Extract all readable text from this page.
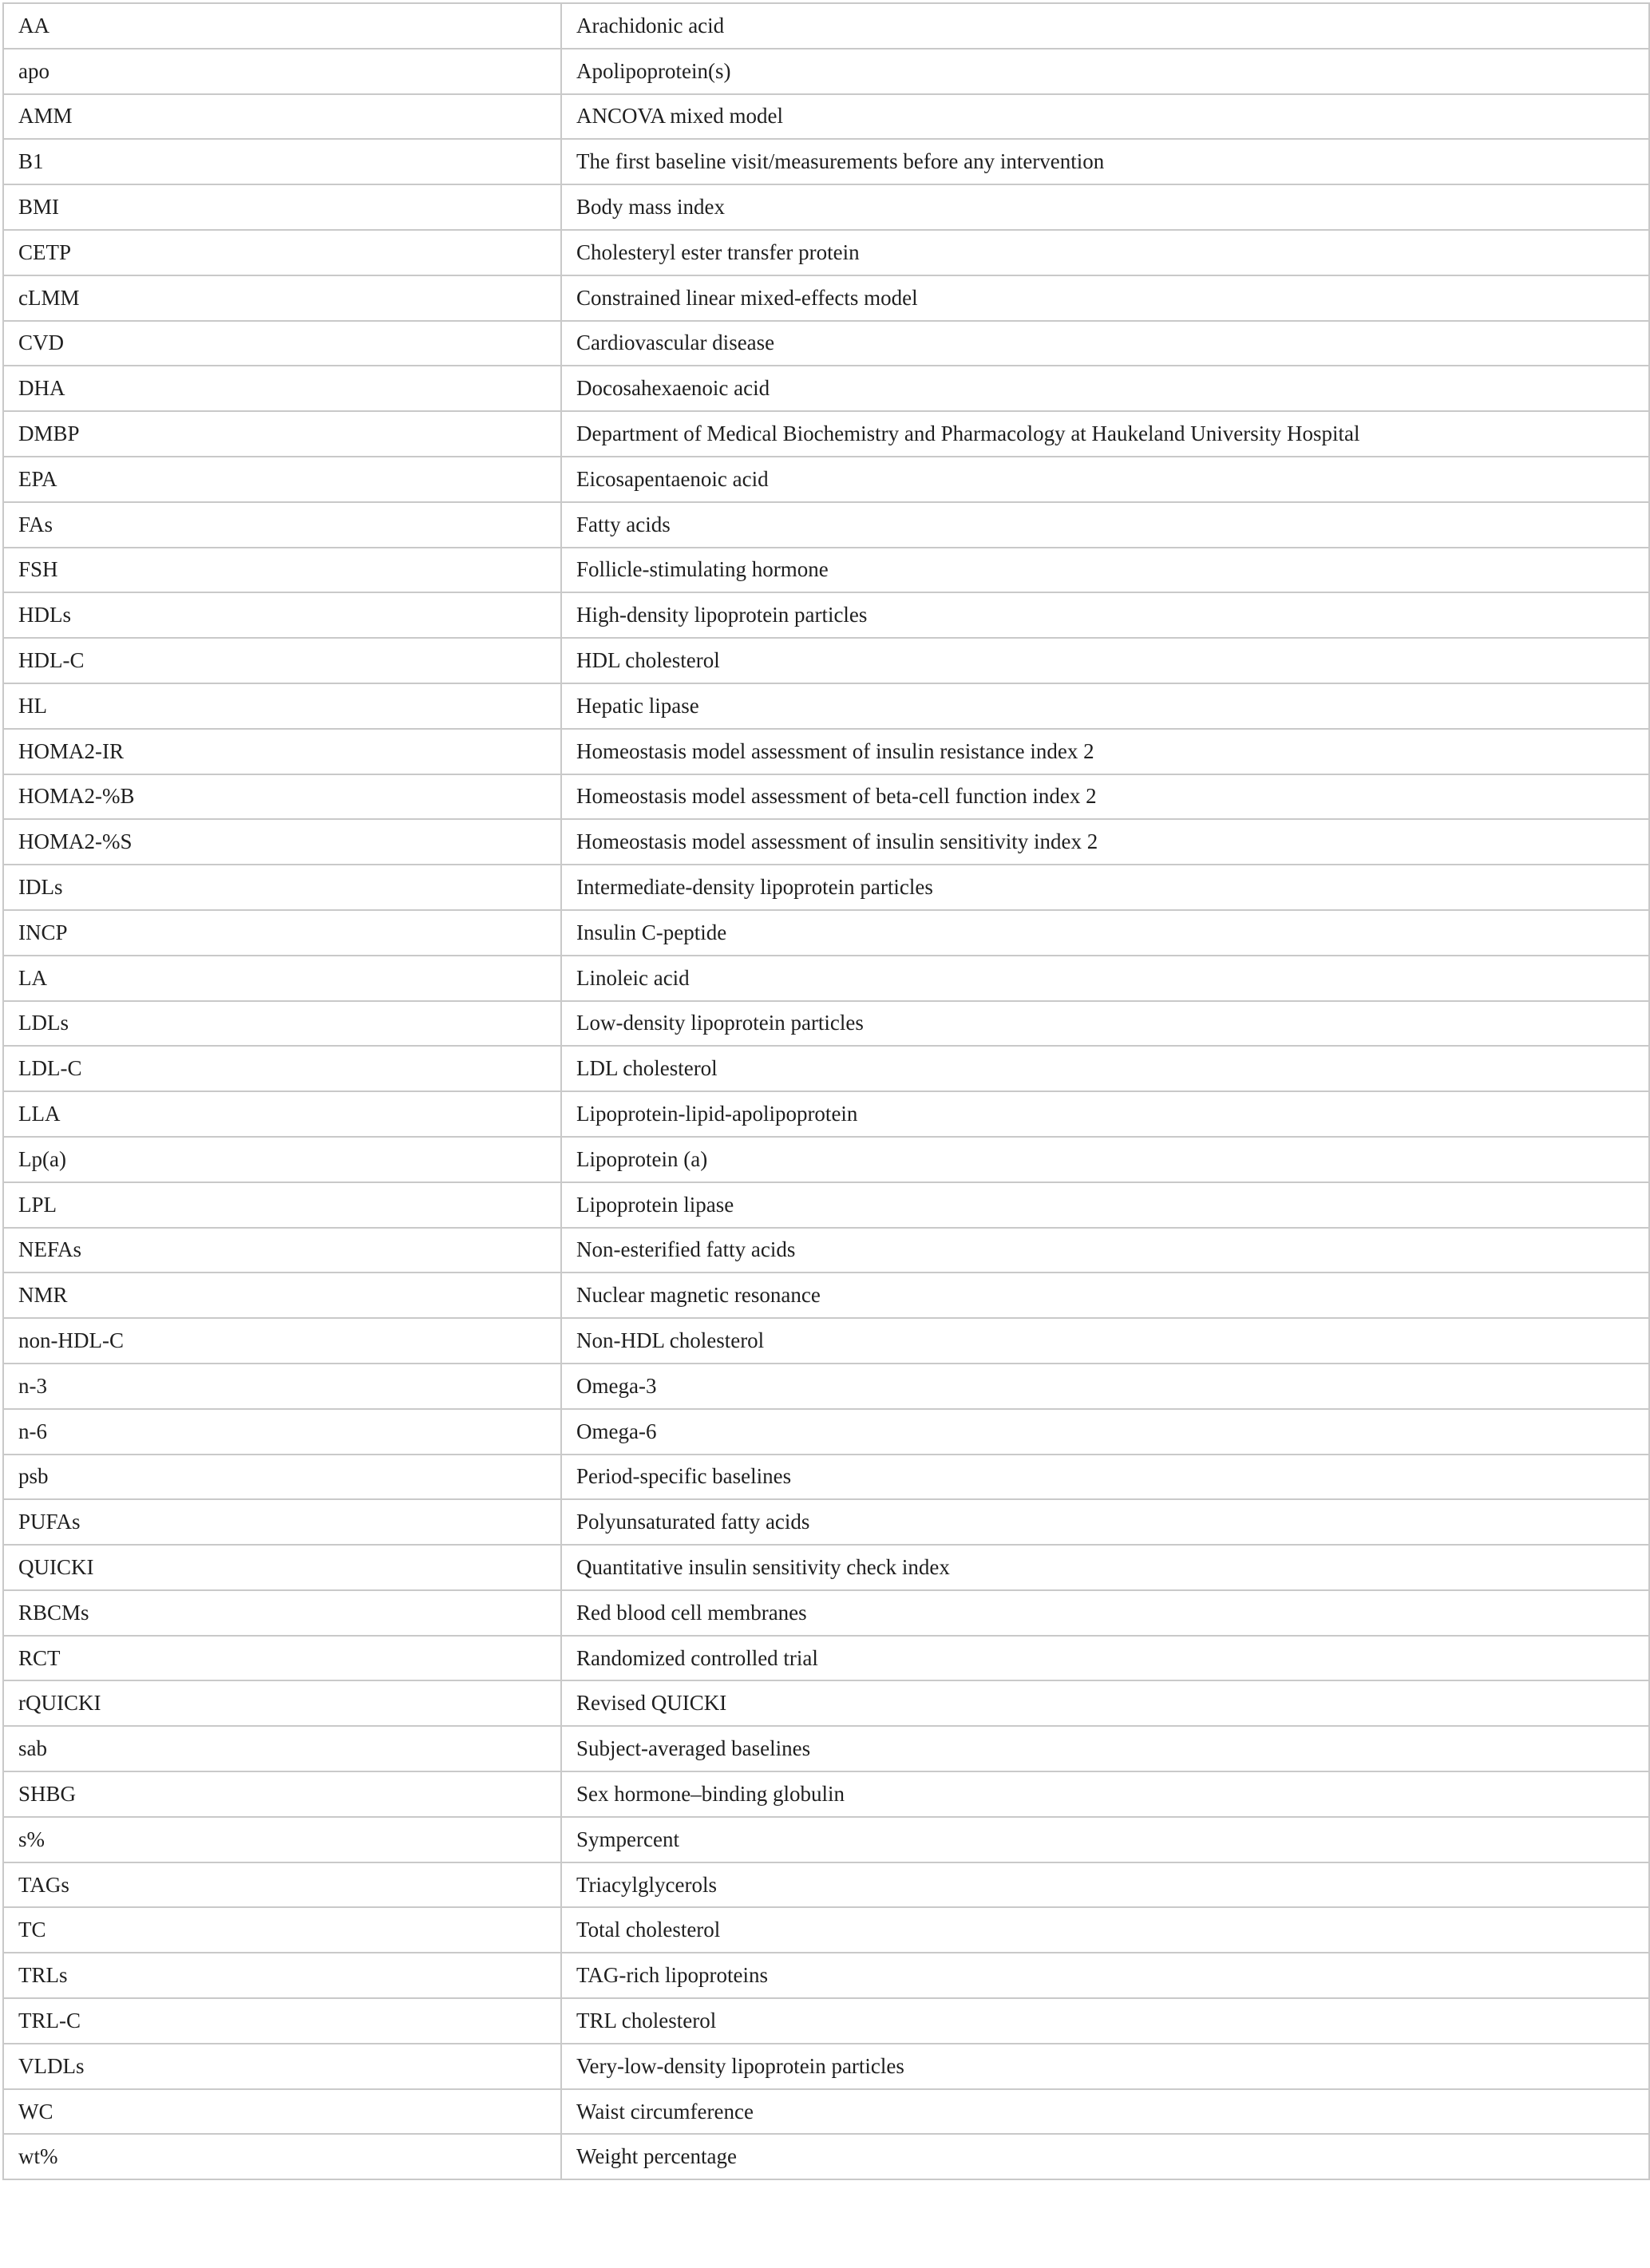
AA	Arachidonic acid
apo	Apolipoprotein(s)
AMM	ANCOVA mixed model
B1	The first baseline visit/measurements before any intervention
BMI	Body mass index
CETP	Cholesteryl ester transfer protein
cLMM	Constrained linear mixed-effects model
CVD	Cardiovascular disease
DHA	Docosahexaenoic acid
DMBP	Department of Medical Biochemistry and Pharmacology at Haukeland University Hospital
EPA	Eicosapentaenoic acid
FAs	Fatty acids
FSH	Follicle-stimulating hormone
HDLs	High-density lipoprotein particles
HDL-C	HDL cholesterol
HL	Hepatic lipase
HOMA2-IR	Homeostasis model assessment of insulin resistance index 2
HOMA2-%B	Homeostasis model assessment of beta-cell function index 2
HOMA2-%S	Homeostasis model assessment of insulin sensitivity index 2
IDLs	Intermediate-density lipoprotein particles
INCP	Insulin C-peptide
LA	Linoleic acid
LDLs	Low-density lipoprotein particles
LDL-C	LDL cholesterol
LLA	Lipoprotein-lipid-apolipoprotein
Lp(a)	Lipoprotein (a)
LPL	Lipoprotein lipase
NEFAs	Non-esterified fatty acids
NMR	Nuclear magnetic resonance
non-HDL-C	Non-HDL cholesterol
n-3	Omega-3
n-6	Omega-6
psb	Period-specific baselines
PUFAs	Polyunsaturated fatty acids
QUICKI	Quantitative insulin sensitivity check index
RBCMs	Red blood cell membranes
RCT	Randomized controlled trial
rQUICKI	Revised QUICKI
sab	Subject-averaged baselines
SHBG	Sex hormone–binding globulin
s%	Sympercent
TAGs	Triacylglycerols
TC	Total cholesterol
TRLs	TAG-rich lipoproteins
TRL-C	TRL cholesterol
VLDLs	Very-low-density lipoprotein particles
WC	Waist circumference
wt%	Weight percentage
